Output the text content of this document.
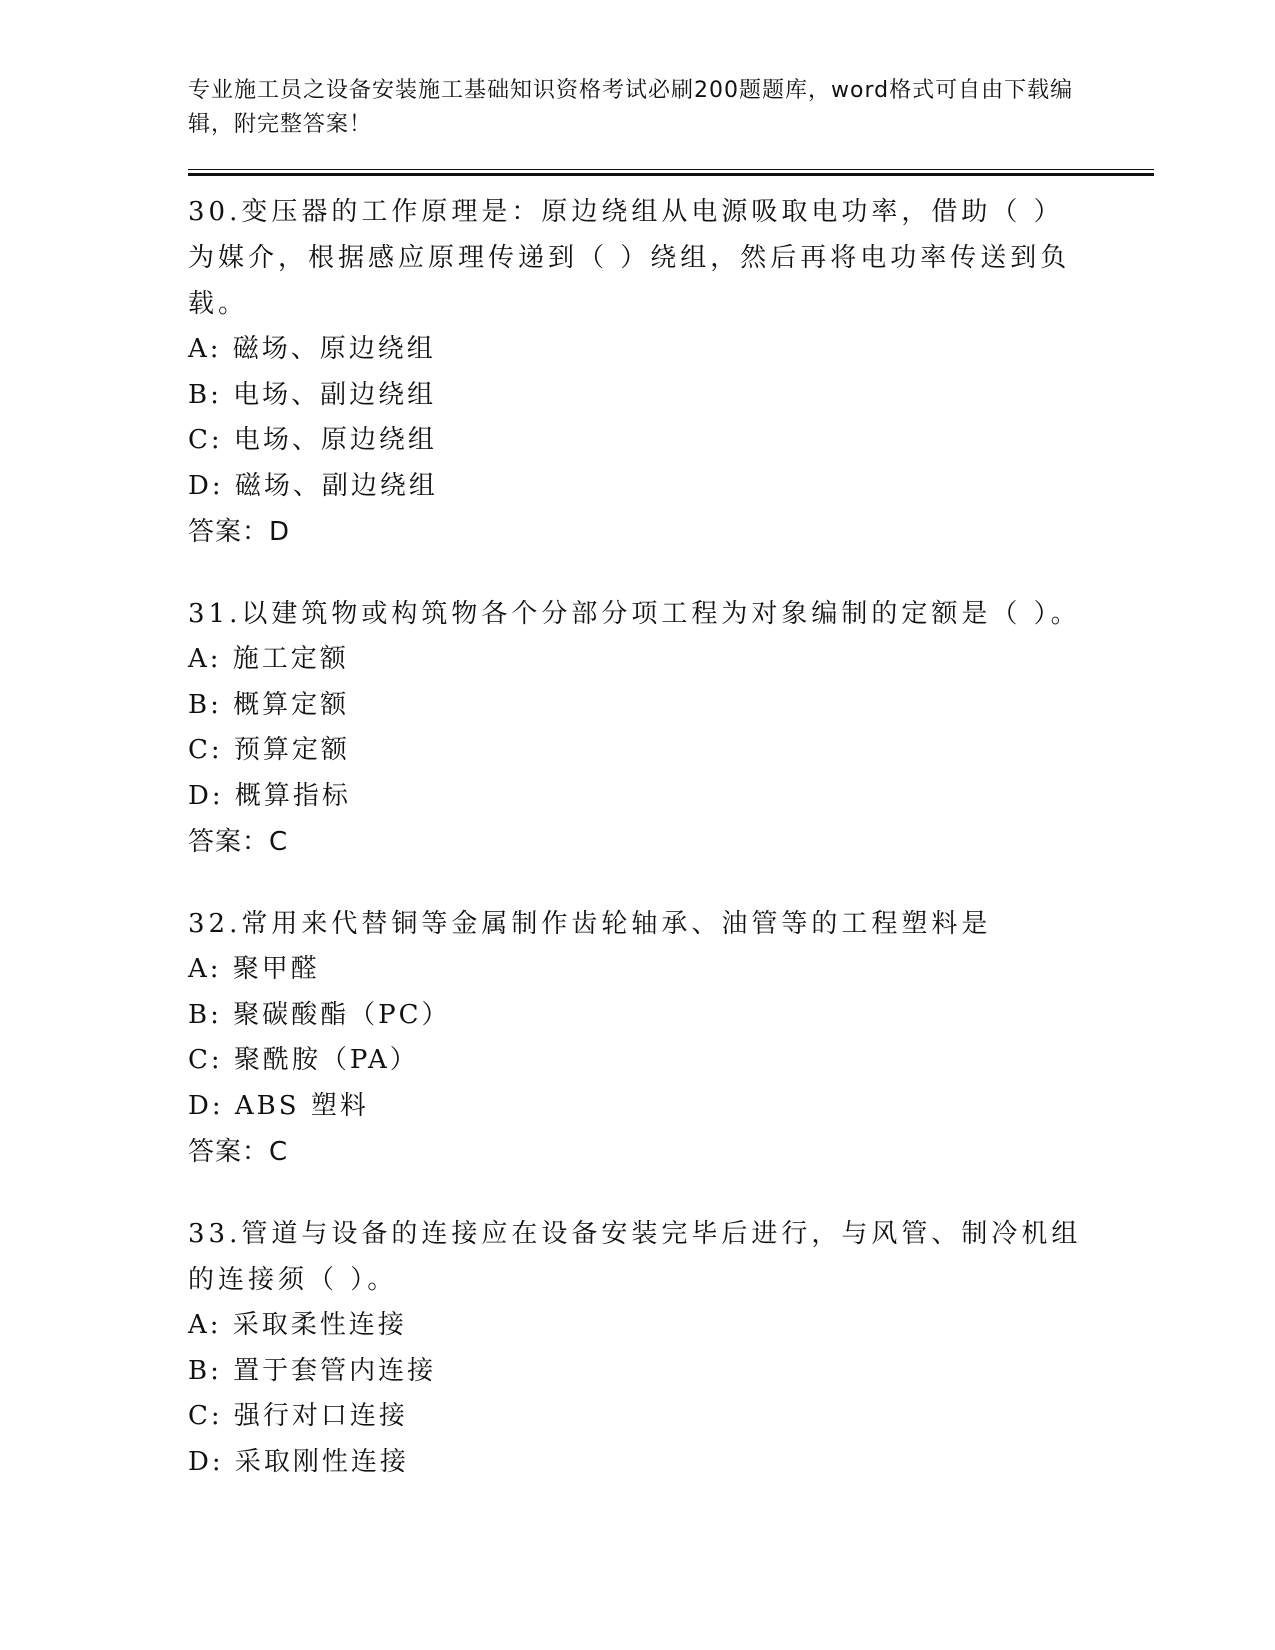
专业施工员之设备安装施工基础知识资格考试必刷200题题库，word格式可自由下载编辑，附完整答案！

30.变压器的工作原理是：原边绕组从电源吸取电功率，借助（ ）为媒介，根据感应原理传递到（ ）绕组，然后再将电功率传送到负载。

A: 磁场、原边绕组

B: 电场、副边绕组

C: 电场、原边绕组

D: 磁场、副边绕组

答案：D

31.以建筑物或构筑物各个分部分项工程为对象编制的定额是（ ）。

A: 施工定额

B: 概算定额

C: 预算定额

D: 概算指标

答案：C

32.常用来代替铜等金属制作齿轮轴承、油管等的工程塑料是

A: 聚甲醛

B: 聚碳酸酯（PC）

C: 聚酰胺（PA）

D: ABS 塑料

答案：C

33.管道与设备的连接应在设备安装完毕后进行，与风管、制冷机组的连接须（ ）。

A: 采取柔性连接

B: 置于套管内连接

C: 强行对口连接

D: 采取刚性连接
